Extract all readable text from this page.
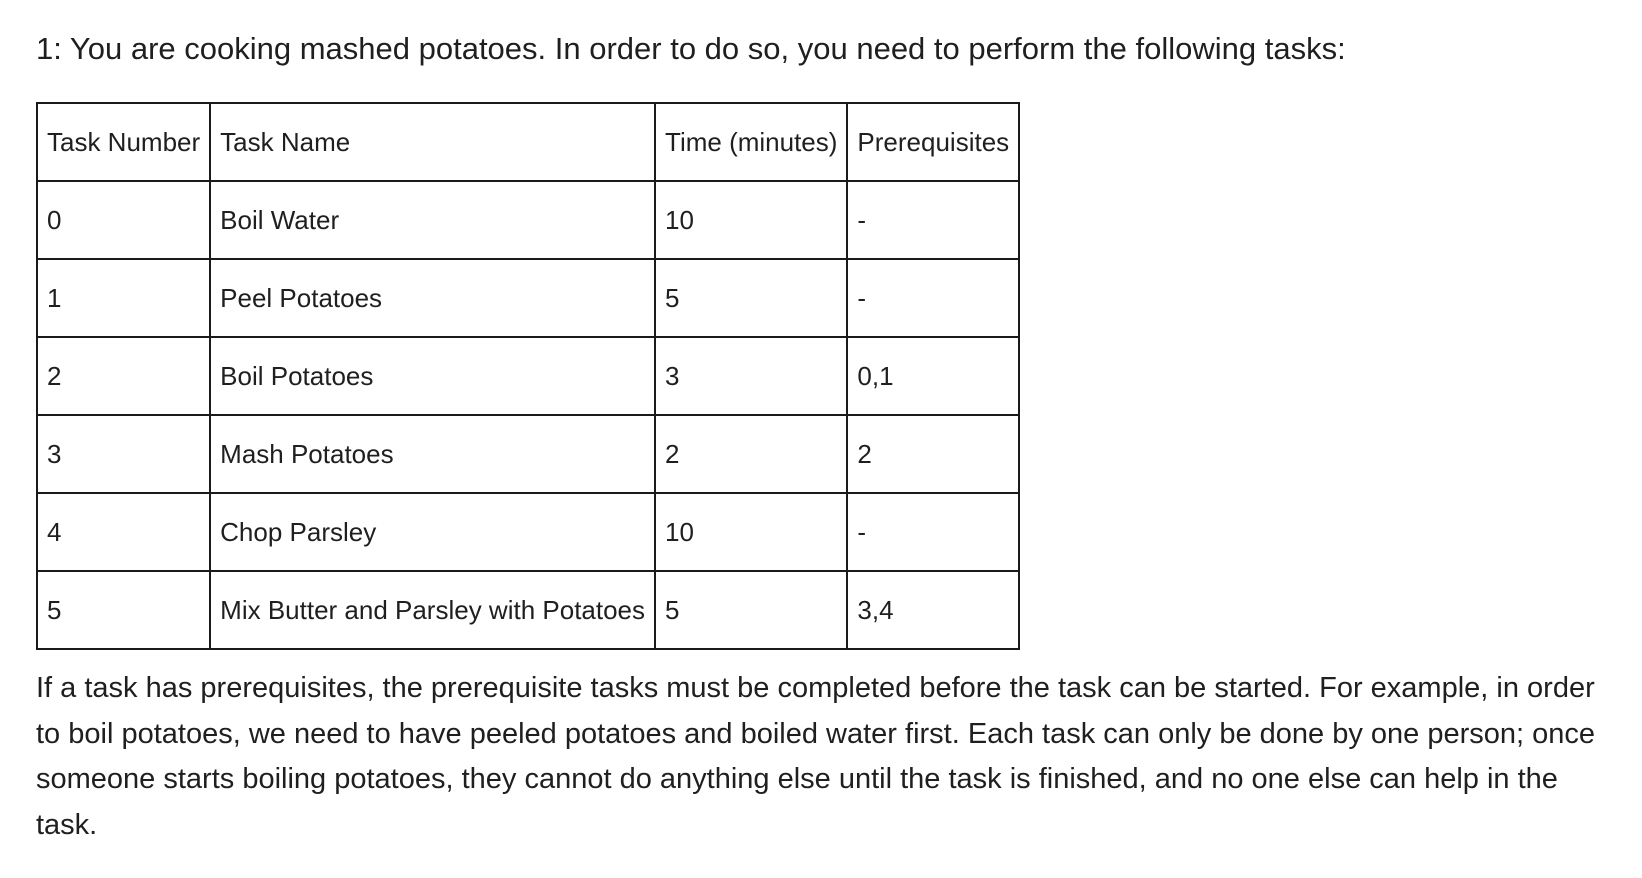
1: You are cooking mashed potatoes. In order to do so, you need to perform the following tasks:

Task Number	Task Name	Time (minutes)	Prerequisites
0	Boil Water	10	-
1	Peel Potatoes	5	-
2	Boil Potatoes	3	0,1
3	Mash Potatoes	2	2
4	Chop Parsley	10	-
5	Mix Butter and Parsley with Potatoes	5	3,4

If a task has prerequisites, the prerequisite tasks must be completed before the task can be started. For example, in order to boil potatoes, we need to have peeled potatoes and boiled water first. Each task can only be done by one person; once someone starts boiling potatoes, they cannot do anything else until the task is finished, and no one else can help in the task.
